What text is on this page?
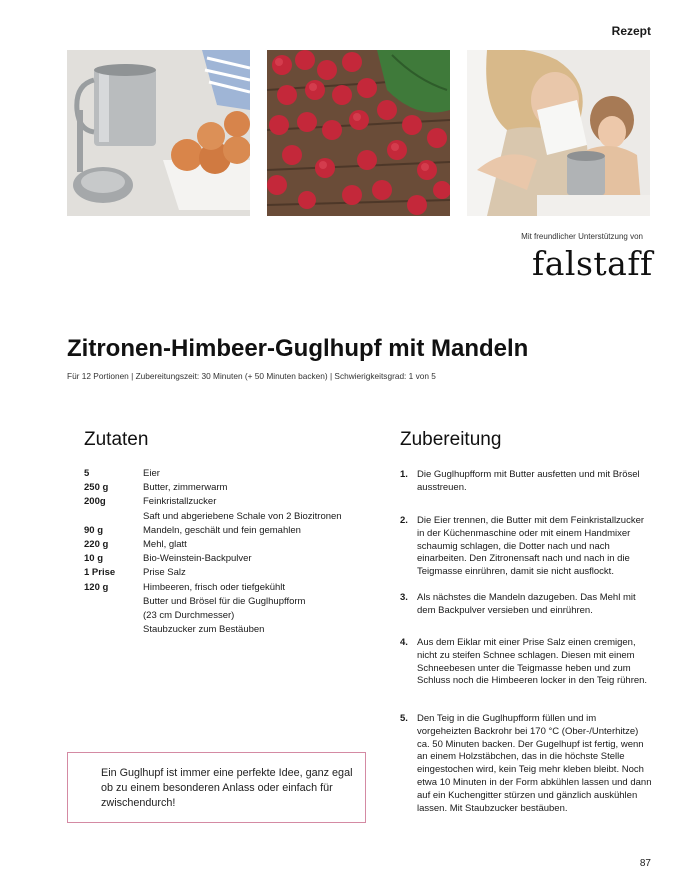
Rezept
Mit freundlicher Unterstützung von
falstaff
Zitronen-Himbeer-Guglhupf mit Mandeln
Für 12 Portionen | Zubereitungszeit: 30 Minuten (+ 50 Minuten backen) | Schwierigkeitsgrad: 1 von 5
Zutaten	Zubereitung
5	Eier
250 g	Butter, zimmerwarm
200g	Feinkristallzucker
Saft und abgeriebene Schale von 2 Biozitronen
90 g	Mandeln, geschält und fein gemahlen
220 g	Mehl, glatt
10 g	Bio-Weinstein-Backpulver
1 Prise	Prise Salz
120 g	Himbeeren, frisch oder tiefgekühlt
Butter und Brösel für die Guglhupfform
(23 cm Durchmesser)
Staubzucker zum Bestäuben
1. Die Guglhupfform mit Butter ausfetten und mit Brösel ausstreuen.
2. Die Eier trennen, die Butter mit dem Feinkristallzucker in der Küchenmaschine oder mit einem Handmixer schaumig schlagen, die Dotter nach und nach einarbeiten. Den Zitronensaft nach und nach in die Teigmasse einrühren, damit sie nicht ausflockt.
3. Als nächstes die Mandeln dazugeben. Das Mehl mit dem Backpulver versieben und einrühren.
4. Aus dem Eiklar mit einer Prise Salz einen cremigen, nicht zu steifen Schnee schlagen. Diesen mit einem Schneebesen unter die Teigmasse heben und zum Schluss noch die Himbeeren locker in den Teig rühren.
5. Den Teig in die Guglhupfform füllen und im vorgeheizten Backrohr bei 170 °C (Ober-/Unterhitze) ca. 50 Minuten backen. Der Gugelhupf ist fertig, wenn an einem Holzstäbchen, das in die höchste Stelle eingestochen wird, kein Teig mehr kleben bleibt. Noch etwa 10 Minuten in der Form abkühlen lassen und dann auf ein Kuchengitter stürzen und gänzlich auskühlen lassen. Mit Staubzucker bestäuben.
Ein Guglhupf ist immer eine perfekte Idee, ganz egal ob zu einem besonderen Anlass oder einfach für zwischendurch!
87
